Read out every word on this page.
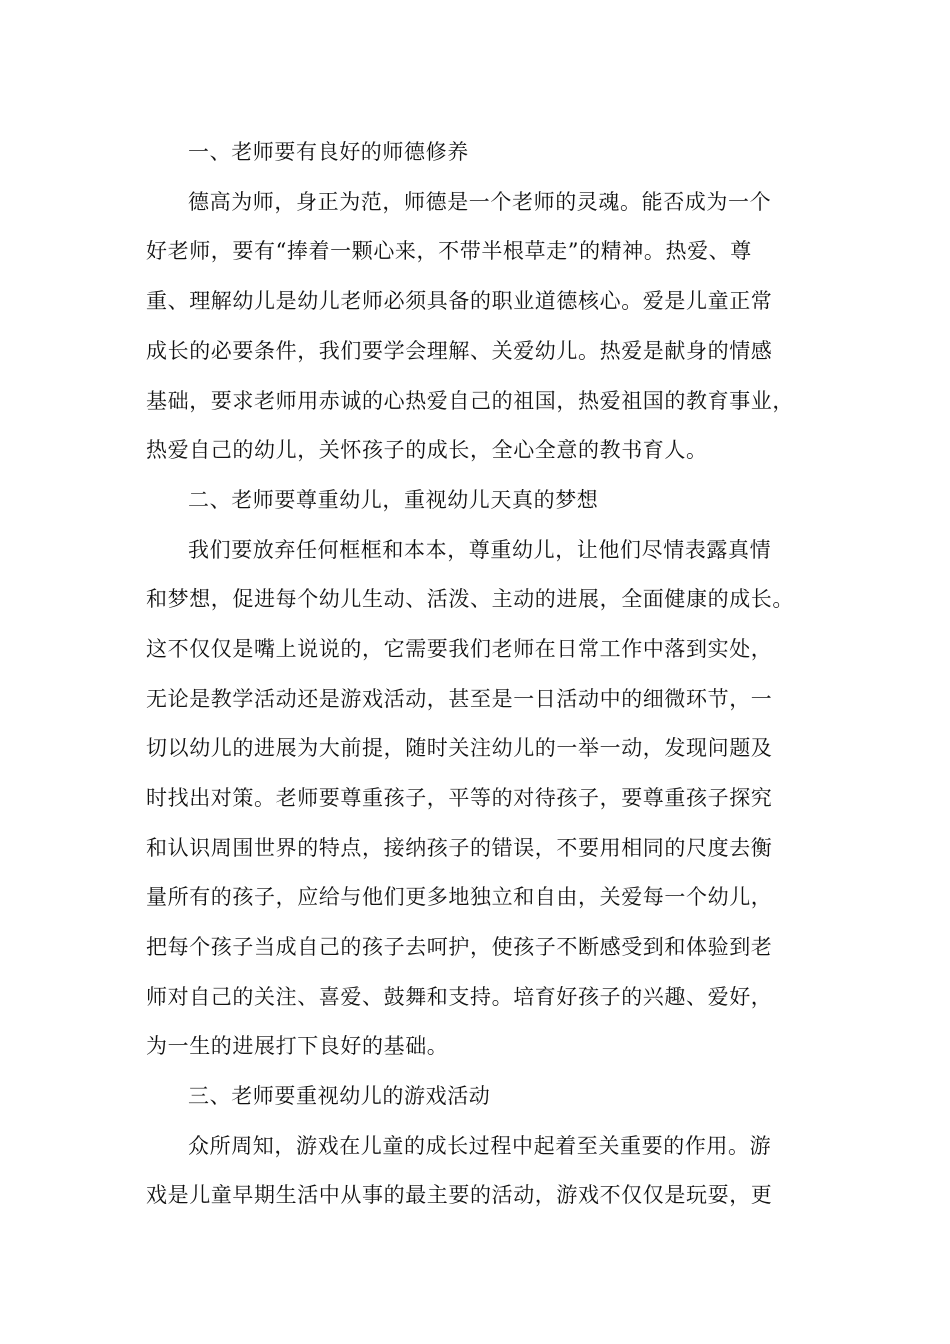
一、老师要有良好的师德修养
德高为师，身正为范，师德是一个老师的灵魂。能否成为一个
好老师，要有“捧着一颗心来，不带半根草走”的精神。热爱、尊
重、理解幼儿是幼儿老师必须具备的职业道德核心。爱是儿童正常
成长的必要条件，我们要学会理解、关爱幼儿。热爱是献身的情感
基础，要求老师用赤诚的心热爱自己的祖国，热爱祖国的教育事业，
热爱自己的幼儿，关怀孩子的成长，全心全意的教书育人。
二、老师要尊重幼儿，重视幼儿天真的梦想
我们要放弃任何框框和本本，尊重幼儿，让他们尽情表露真情
和梦想，促进每个幼儿生动、活泼、主动的进展，全面健康的成长。
这不仅仅是嘴上说说的，它需要我们老师在日常工作中落到实处，
无论是教学活动还是游戏活动，甚至是一日活动中的细微环节，一
切以幼儿的进展为大前提，随时关注幼儿的一举一动，发现问题及
时找出对策。老师要尊重孩子，平等的对待孩子，要尊重孩子探究
和认识周围世界的特点，接纳孩子的错误，不要用相同的尺度去衡
量所有的孩子，应给与他们更多地独立和自由，关爱每一个幼儿，
把每个孩子当成自己的孩子去呵护，使孩子不断感受到和体验到老
师对自己的关注、喜爱、鼓舞和支持。培育好孩子的兴趣、爱好，
为一生的进展打下良好的基础。
三、老师要重视幼儿的游戏活动
众所周知，游戏在儿童的成长过程中起着至关重要的作用。游
戏是儿童早期生活中从事的最主要的活动，游戏不仅仅是玩耍，更
